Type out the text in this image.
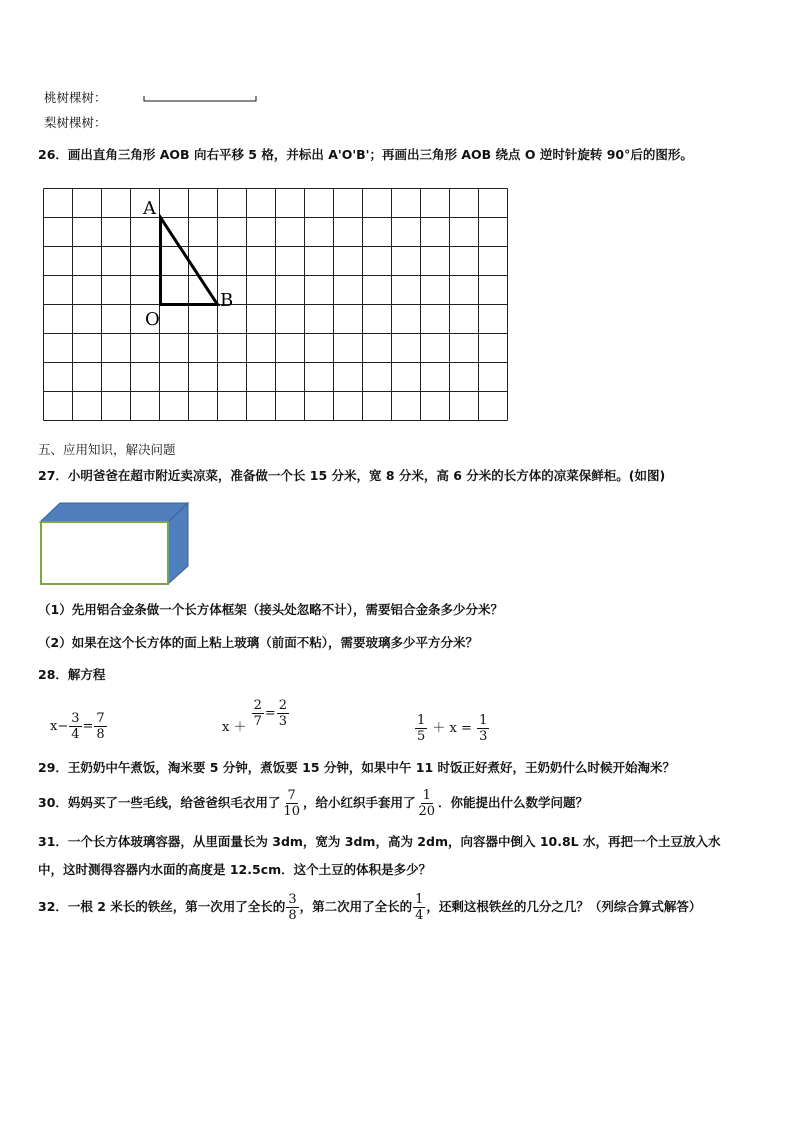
桃树棵树：
梨树棵树：
26．画出直角三角形 AOB 向右平移 5 格，并标出 A'O'B'；再画出三角形 AOB 绕点 O 逆时针旋转 90°后的图形。
A
O
B
五、应用知识，解决问题
27．小明爸爸在超市附近卖凉菜，准备做一个长 15 分米，宽 8 分米，高 6 分米的长方体的凉菜保鲜柜。(如图)
（1）先用铝合金条做一个长方体框架（接头处忽略不计），需要铝合金条多少分米？
（2）如果在这个长方体的面上粘上玻璃（前面不粘），需要玻璃多少平方分米？
28．解方程
$x- \frac{3}{4} = \frac{7}{8}$	$x + \frac{2}{7} = \frac{2}{3}$	$\frac{1}{5} + x = \frac{1}{3}$
29．王奶奶中午煮饭，淘米要 5 分钟，煮饭要 15 分钟，如果中午 11 时饭正好煮好，王奶奶什么时候开始淘米？
30．妈妈买了一些毛线，给爸爸织毛衣用了 $\frac{7}{10}$ ，给小红织手套用了 $\frac{1}{20}$ ．你能提出什么数学问题？
31．一个长方体玻璃容器，从里面量长为 3dm，宽为 3dm，高为 2dm，向容器中倒入 10.8L 水，再把一个土豆放入水
中，这时测得容器内水面的高度是 12.5cm．这个土豆的体积是多少？
32．一根 2 米长的铁丝，第一次用了全长的 $\frac{3}{8}$ ，第二次用了全长的 $\frac{1}{4}$ ，还剩这根铁丝的几分之几？（列综合算式解答）
